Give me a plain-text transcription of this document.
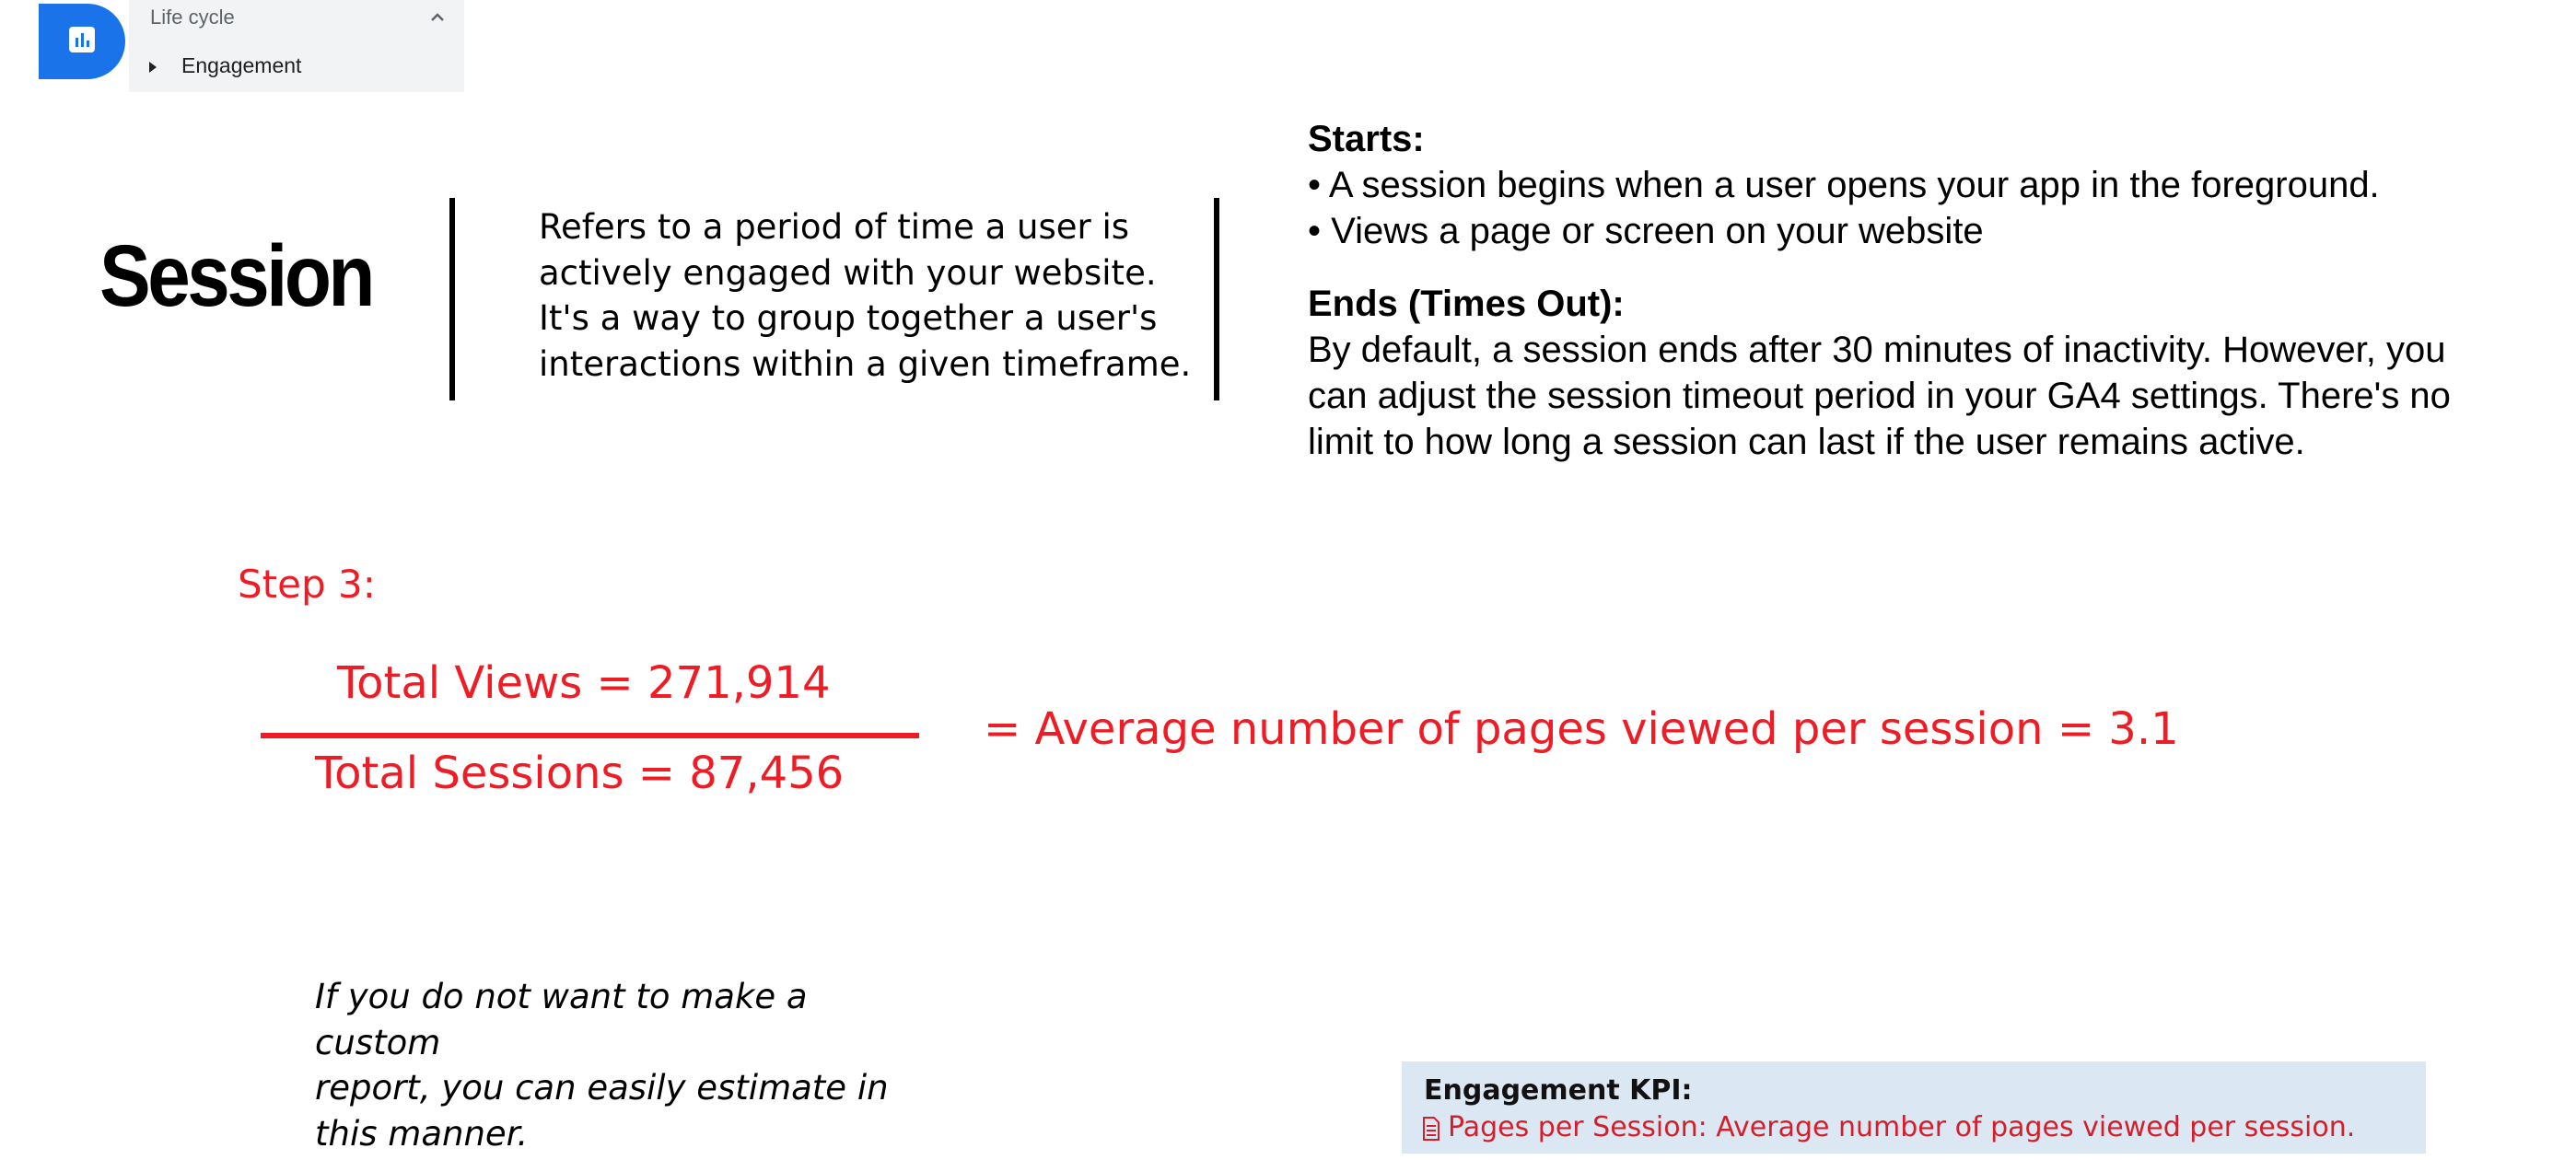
Life cycle
Engagement
Session
Refers to a period of time a user is
actively engaged with your website.
It's a way to group together a user's
interactions within a given timeframe.
Starts:
• A session begins when a user opens your app in the foreground.
• Views a page or screen on your website
Ends (Times Out):
By default, a session ends after 30 minutes of inactivity. However, you
can adjust the session timeout period in your GA4 settings. There's no
limit to how long a session can last if the user remains active.
Step 3:
Total Views = 271,914
Total Sessions = 87,456
= Average number of pages viewed per session = 3.1
If you do not want to make a custom
report, you can easily estimate in
this manner.
Engagement KPI:
Pages per Session: Average number of pages viewed per session.
